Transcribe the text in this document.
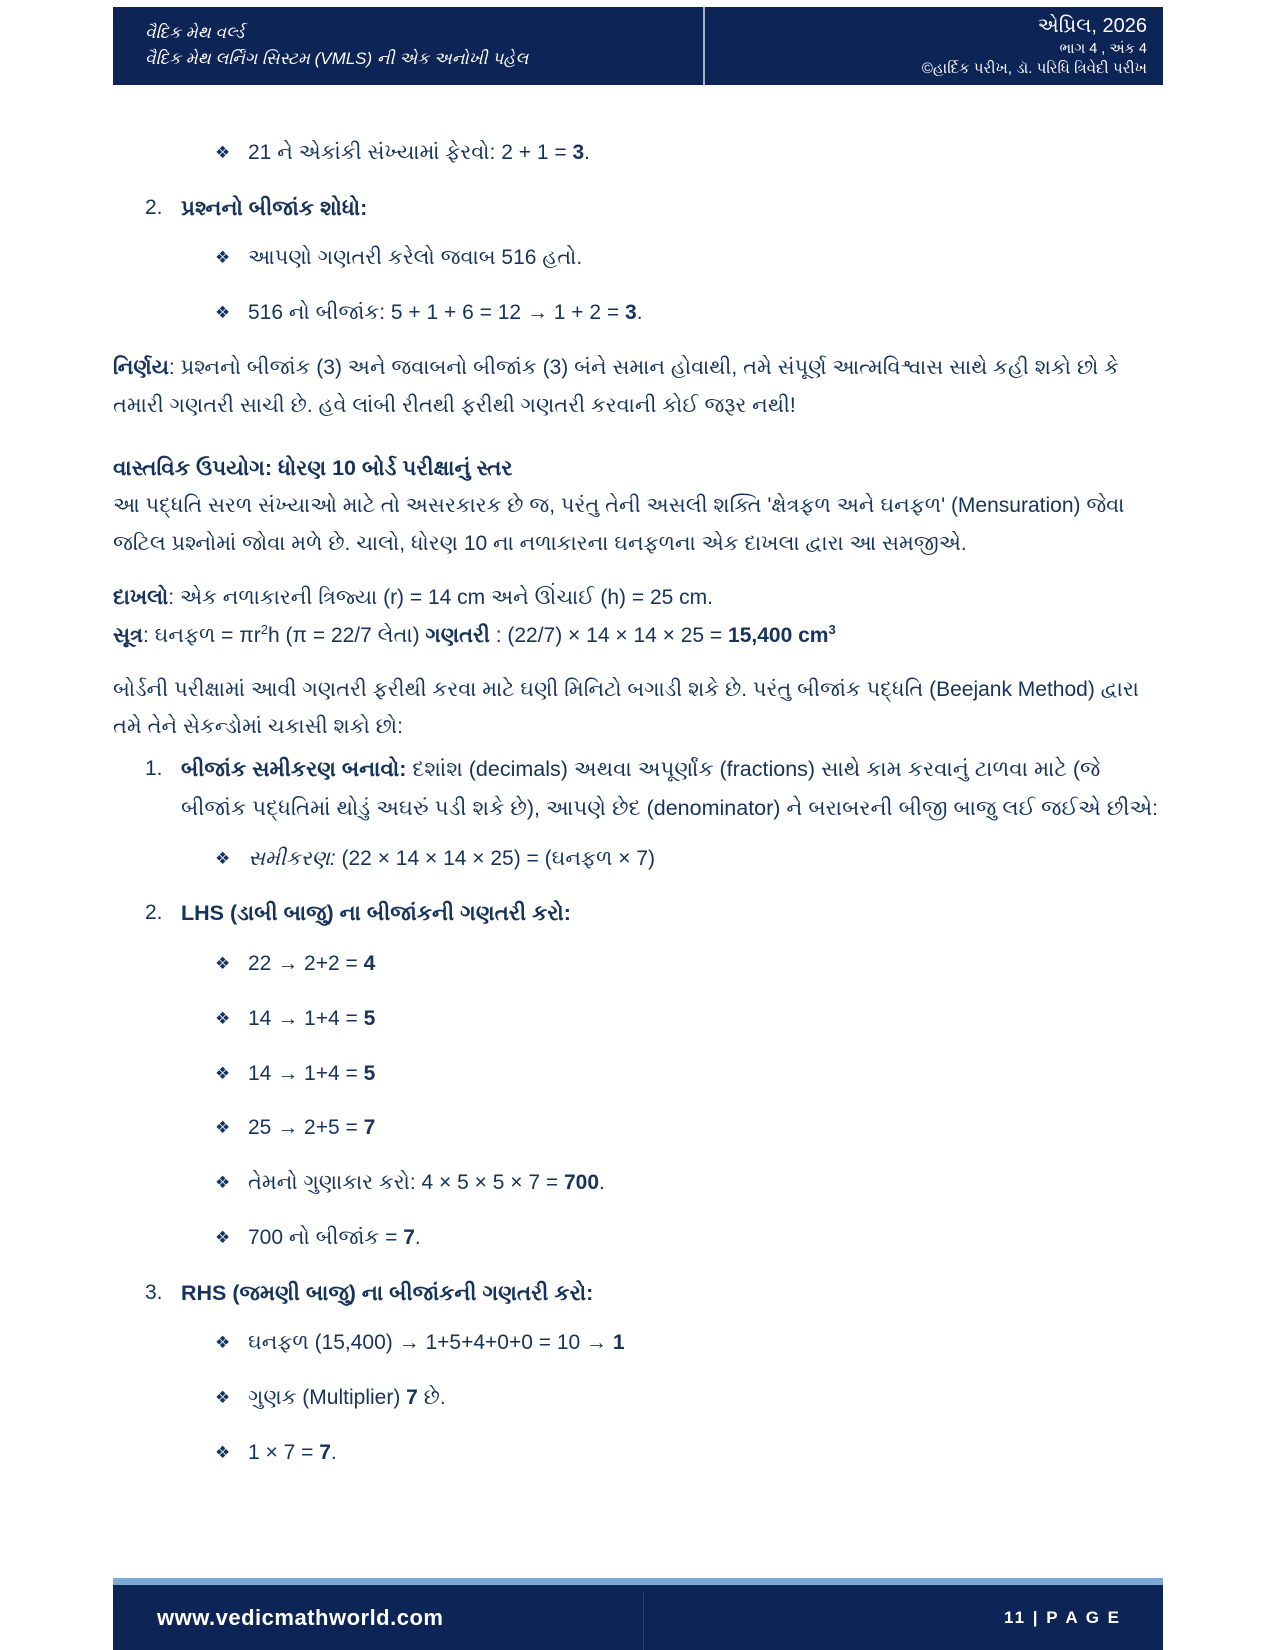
વૈદિક મેથ વર્લ્ડ
વૈદિક મેથ લર્નિંગ સિસ્ટમ (VMLS) ની એક અનોખી પહેલ
એપ્રિલ, 2026
ભાગ 4 , અંક 4
©હાર્દિક પરીખ, ડૉ. પરિધિ ત્રિવેદી પરીખ
❖ 21 ને એકાંકી સંખ્યામાં ફેરવો: 2 + 1 = 3.
2. પ્રશ્નનો બીજાંક શોધો:
❖ આપણો ગણતરી કરેલો જવાબ 516 હતો.
❖ 516 નો બીજાંક: 5 + 1 + 6 = 12 → 1 + 2 = 3.
નિર્ણય: પ્રશ્નનો બીજાંક (3) અને જવાબનો બીજાંક (3) બંને સમાન હોવાથી, તમે સંપૂર્ણ આત્મવિશ્વાસ સાથે કહી શકો છો કે તમારી ગણતરી સાચી છે. હવે લાંબી રીતથી ફરીથી ગણતરી કરવાની કોઈ જરૂર નથી!
વાસ્તવિક ઉપયોગ: ધોરણ 10 બોર્ડ પરીક્ષાનું સ્તર
આ પદ્ધતિ સરળ સંખ્યાઓ માટે તો અસરકારક છે જ, પરંતુ તેની અસલી શક્તિ 'ક્ષેત્રફળ અને ઘનફળ' (Mensuration) જેવા જટિલ પ્રશ્નોમાં જોવા મળે છે. ચાલો, ધોરણ 10 ના નળાકારના ઘનફળના એક દાખલા દ્વારા આ સમજીએ.
દાખલો: એક નળાકારની ત્રિજ્યા (r) = 14 cm અને ઊંચાઈ (h) = 25 cm.
સૂત્ર: ઘનફળ = $\pi r^2h$ (π = 22/7 લેતા) ગણતરી : (22/7) × 14 × 14 × 25 = 15,400 $cm^3$
બોર્ડની પરીક્ષામાં આવી ગણતરી ફરીથી કરવા માટે ઘણી મિનિટો બગાડી શકે છે. પરંતુ બીજાંક પદ્ધતિ (Beejank Method) દ્વારા તમે તેને સેકન્ડોમાં ચકાસી શકો છો:
1. બીજાંક સમીકરણ બનાવો: દશાંશ (decimals) અથવા અપૂર્ણાંક (fractions) સાથે કામ કરવાનું ટાળવા માટે (જે બીજાંક પદ્ધતિમાં થોડું અઘરું પડી શકે છે), આપણે છેદ (denominator) ને બરાબરની બીજી બાજુ લઈ જઈએ છીએ:
❖ સમીકરણ: (22 × 14 × 14 × 25) = (ઘનફળ × 7)
2. LHS (ડાબી બાજુ) ના બીજાંકની ગણતરી કરો:
❖ 22 → 2+2 = 4
❖ 14 → 1+4 = 5
❖ 14 → 1+4 = 5
❖ 25 → 2+5 = 7
❖ તેમનો ગુણાકાર કરો: 4 × 5 × 5 × 7 = 700.
❖ 700 નો બીજાંક = 7.
3. RHS (જમણી બાજુ) ના બીજાંકની ગણતરી કરો:
❖ ઘનફળ (15,400) → 1+5+4+0+0 = 10 → 1
❖ ગુણક (Multiplier) 7 છે.
❖ 1 × 7 = 7.
www.vedicmathworld.com	11 | P A G E
